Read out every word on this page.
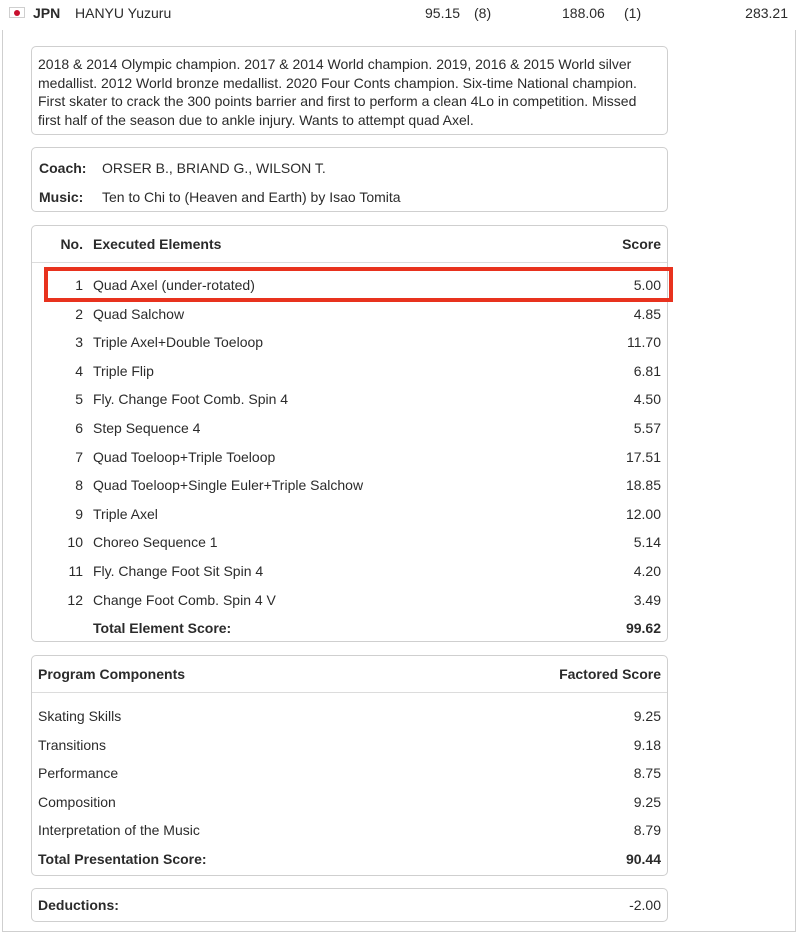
JPN HANYU Yuzuru	95.15 (8)	188.06 (1)	283.21
2018 & 2014 Olympic champion. 2017 & 2014 World champion. 2019, 2016 & 2015 World silver medallist. 2012 World bronze medallist. 2020 Four Conts champion. Six-time National champion. First skater to crack the 300 points barrier and first to perform a clean 4Lo in competition. Missed first half of the season due to ankle injury. Wants to attempt quad Axel.
Coach: ORSER B., BRIAND G., WILSON T.
Music: Ten to Chi to (Heaven and Earth) by Isao Tomita
No. Executed Elements	Score
1 Quad Axel (under-rotated)	5.00
2 Quad Salchow	4.85
3 Triple Axel+Double Toeloop	11.70
4 Triple Flip	6.81
5 Fly. Change Foot Comb. Spin 4	4.50
6 Step Sequence 4	5.57
7 Quad Toeloop+Triple Toeloop	17.51
8 Quad Toeloop+Single Euler+Triple Salchow	18.85
9 Triple Axel	12.00
10 Choreo Sequence 1	5.14
11 Fly. Change Foot Sit Spin 4	4.20
12 Change Foot Comb. Spin 4 V	3.49
Total Element Score:	99.62
Program Components	Factored Score
Skating Skills	9.25
Transitions	9.18
Performance	8.75
Composition	9.25
Interpretation of the Music	8.79
Total Presentation Score:	90.44
Deductions:	-2.00
